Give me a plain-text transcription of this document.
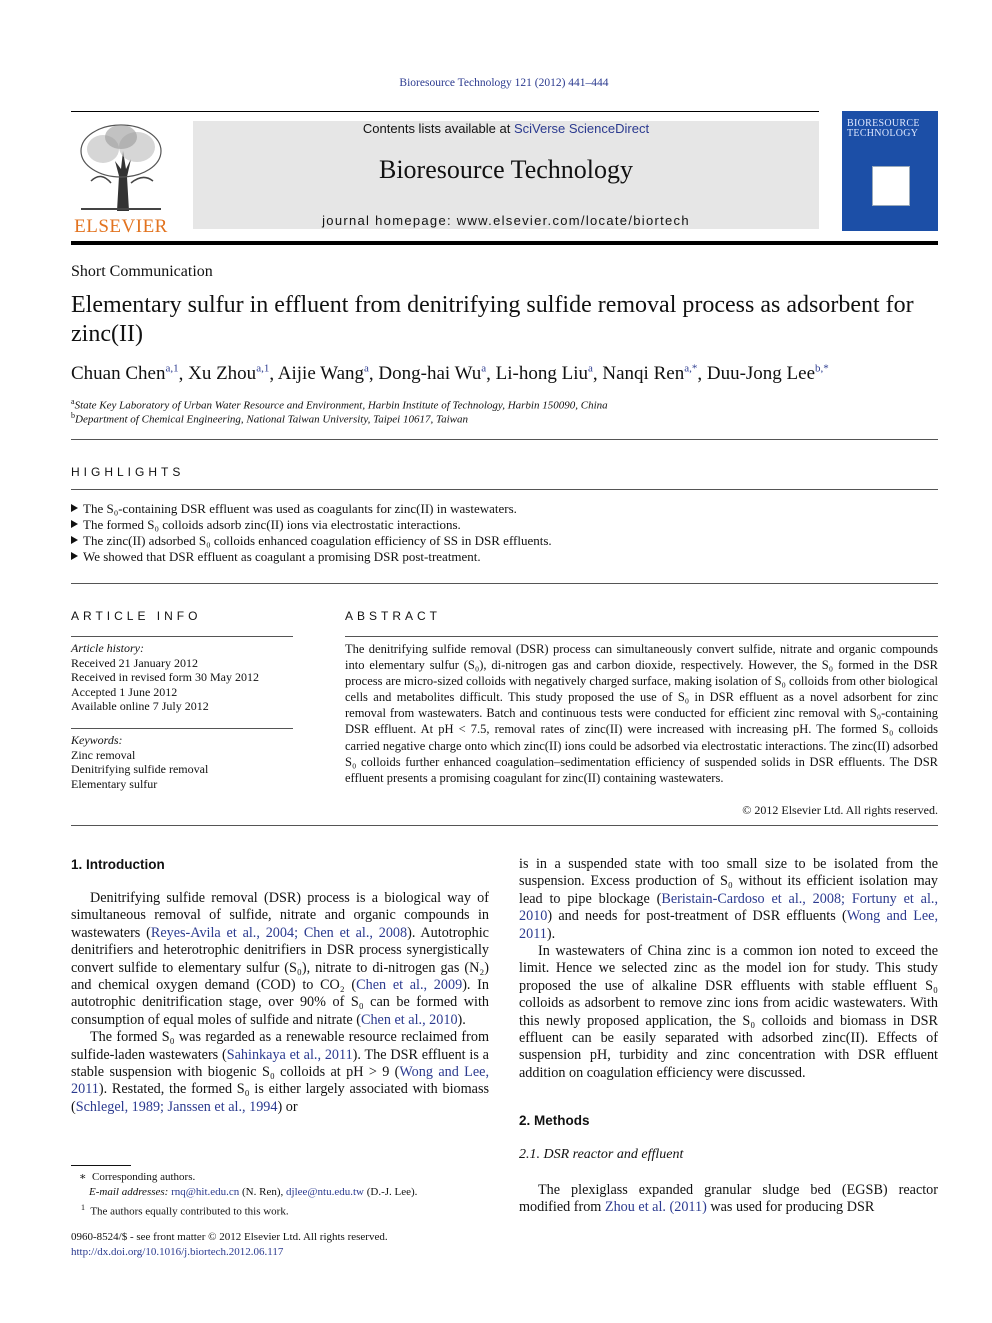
Bioresource Technology 121 (2012) 441–444
ELSEVIER
Contents lists available at SciVerse ScienceDirect
Bioresource Technology
journal homepage: www.elsevier.com/locate/biortech
BIORESOURCE TECHNOLOGY
Short Communication
Elementary sulfur in effluent from denitrifying sulfide removal process as adsorbent for zinc(II)
Chuan Chen$^{a,1}$, Xu Zhou$^{a,1}$, Aijie Wang$^a$, Dong-hai Wu$^a$, Li-hong Liu$^a$, Nanqi Ren$^{a,*}$, Duu-Jong Lee$^{b,*}$
$^a$State Key Laboratory of Urban Water Resource and Environment, Harbin Institute of Technology, Harbin 150090, China
$^b$Department of Chemical Engineering, National Taiwan University, Taipei 10617, Taiwan
HIGHLIGHTS
The S₀-containing DSR effluent was used as coagulants for zinc(II) in wastewaters.
The formed S₀ colloids adsorb zinc(II) ions via electrostatic interactions.
The zinc(II) adsorbed S₀ colloids enhanced coagulation efficiency of SS in DSR effluents.
We showed that DSR effluent as coagulant a promising DSR post-treatment.
ARTICLE INFO
Article history:
Received 21 January 2012
Received in revised form 30 May 2012
Accepted 1 June 2012
Available online 7 July 2012
Keywords:
Zinc removal
Denitrifying sulfide removal
Elementary sulfur
ABSTRACT
The denitrifying sulfide removal (DSR) process can simultaneously convert sulfide, nitrate and organic compounds into elementary sulfur (S₀), di-nitrogen gas and carbon dioxide, respectively. However, the S₀ formed in the DSR process are micro-sized colloids with negatively charged surface, making isolation of S₀ colloids from other biological cells and metabolites difficult. This study proposed the use of S₀ in DSR effluent as a novel adsorbent for zinc removal from wastewaters. Batch and continuous tests were conducted for efficient zinc removal with S₀-containing DSR effluent. At pH < 7.5, removal rates of zinc(II) were increased with increasing pH. The formed S₀ colloids carried negative charge onto which zinc(II) ions could be adsorbed via electrostatic interactions. The zinc(II) adsorbed S₀ colloids further enhanced coagulation–sedimentation efficiency of suspended solids in DSR effluents. The DSR effluent presents a promising coagulant for zinc(II) containing wastewaters.
© 2012 Elsevier Ltd. All rights reserved.
1. Introduction

Denitrifying sulfide removal (DSR) process is a biological way of simultaneous removal of sulfide, nitrate and organic compounds in wastewaters (Reyes-Avila et al., 2004; Chen et al., 2008). Autotrophic denitrifiers and heterotrophic denitrifiers in DSR process synergistically convert sulfide to elementary sulfur (S₀), nitrate to di-nitrogen gas (N₂) and chemical oxygen demand (COD) to CO₂ (Chen et al., 2009). In autotrophic denitrification stage, over 90% of S₀ can be formed with consumption of equal moles of sulfide and nitrate (Chen et al., 2010).

The formed S₀ was regarded as a renewable resource reclaimed from sulfide-laden wastewaters (Sahinkaya et al., 2011). The DSR effluent is a stable suspension with biogenic S₀ colloids at pH > 9 (Wong and Lee, 2011). Restated, the formed S₀ is either largely associated with biomass (Schlegel, 1989; Janssen et al., 1994) or

is in a suspended state with too small size to be isolated from the suspension. Excess production of S₀ without its efficient isolation may lead to pipe blockage (Beristain-Cardoso et al., 2008; Fortuny et al., 2010) and needs for post-treatment of DSR effluents (Wong and Lee, 2011).

In wastewaters of China zinc is a common ion noted to exceed the limit. Hence we selected zinc as the model ion for study. This study proposed the use of alkaline DSR effluents with stable effluent S₀ colloids as adsorbent to remove zinc ions from acidic wastewaters. With this newly proposed application, the S₀ colloids and biomass in DSR effluent can be easily separated with adsorbed zinc(II). Effects of suspension pH, turbidity and zinc concentration with DSR effluent addition on coagulation efficiency were discussed.

2. Methods
2.1. DSR reactor and effluent

The plexiglass expanded granular sludge bed (EGSB) reactor modified from Zhou et al. (2011) was used for producing DSR

∗  Corresponding authors.
E-mail addresses: rnq@hit.edu.cn (N. Ren), djlee@ntu.edu.tw (D.-J. Lee).
$^1$ The authors equally contributed to this work.
0960-8524/$ - see front matter © 2012 Elsevier Ltd. All rights reserved.
http://dx.doi.org/10.1016/j.biortech.2012.06.117
